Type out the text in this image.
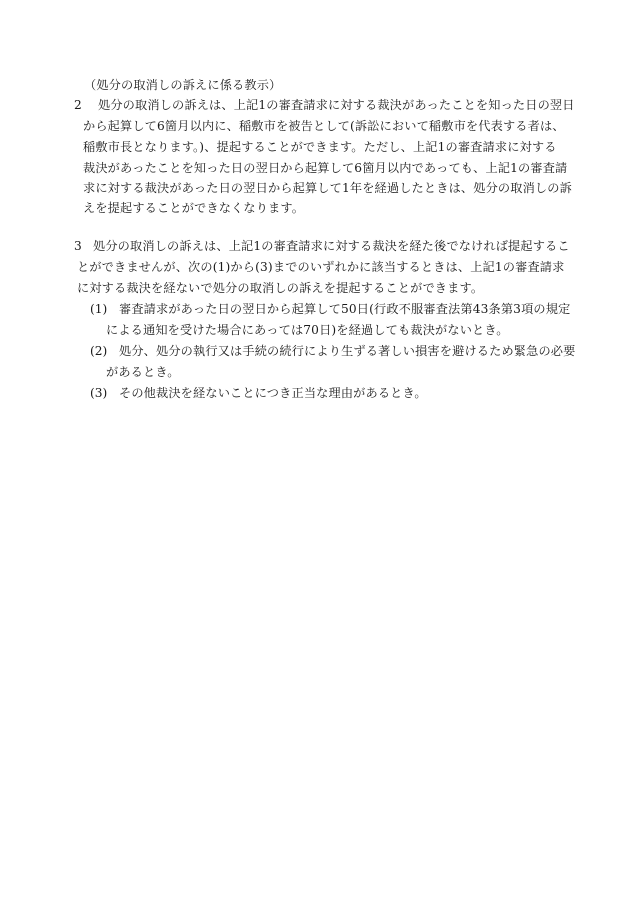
（処分の取消しの訴えに係る教示）
2 処分の取消しの訴えは、上記1の審査請求に対する裁決があったことを知った日の翌日
から起算して6箇月以内に、稲敷市を被告として(訴訟において稲敷市を代表する者は、
稲敷市長となります。)、提起することができます。ただし、上記1の審査請求に対する
裁決があったことを知った日の翌日から起算して6箇月以内であっても、上記1の審査請
求に対する裁決があった日の翌日から起算して1年を経過したときは、処分の取消しの訴
えを提起することができなくなります。
3 処分の取消しの訴えは、上記1の審査請求に対する裁決を経た後でなければ提起するこ
とができませんが、次の(1)から(3)までのいずれかに該当するときは、上記1の審査請求
に対する裁決を経ないで処分の取消しの訴えを提起することができます。
(1) 審査請求があった日の翌日から起算して50日(行政不服審査法第43条第3項の規定
による通知を受けた場合にあっては70日)を経過しても裁決がないとき。
(2) 処分、処分の執行又は手続の続行により生ずる著しい損害を避けるため緊急の必要
があるとき。
(3) その他裁決を経ないことにつき正当な理由があるとき。
